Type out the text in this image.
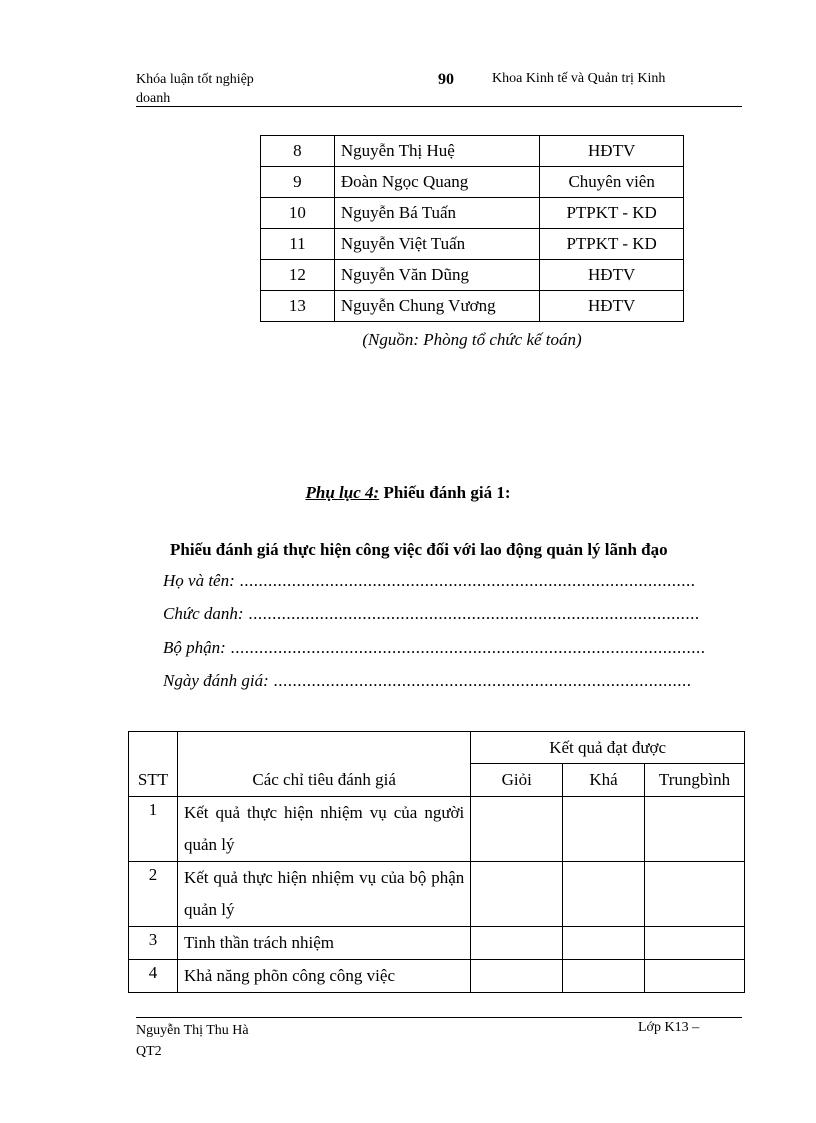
Khóa luận tốt nghiệp
doanh
90	Khoa Kinh tế và Quản trị Kinh
8	Nguyễn Thị Huệ	HĐTV
9	Đoàn Ngọc Quang	Chuyên viên
10	Nguyễn Bá Tuấn	PTPKT - KD
11	Nguyễn Việt Tuấn	PTPKT - KD
12	Nguyễn Văn Dũng	HĐTV
13	Nguyễn Chung Vương	HĐTV
(Nguồn: Phòng tổ chức kế toán)
Phụ lục 4: Phiếu đánh giá 1:
Phiếu đánh giá thực hiện công việc đối với lao động quản lý lãnh đạo
Họ và tên: ................................................................................................
Chức danh: ...............................................................................................
Bộ phận: ....................................................................................................
Ngày đánh giá: ........................................................................................
STT	Các chỉ tiêu đánh giá	Kết quả đạt được		
		Giỏi	Khá	Trungbình
1	Kết quả thực hiện nhiệm vụ của người quản lý			
2	Kết quả thực hiện nhiệm vụ của bộ phận quản lý			
3	Tinh thần trách nhiệm			
4	Khả năng phõn công công việc			
Nguyễn Thị Thu Hà
QT2
Lớp K13 –
